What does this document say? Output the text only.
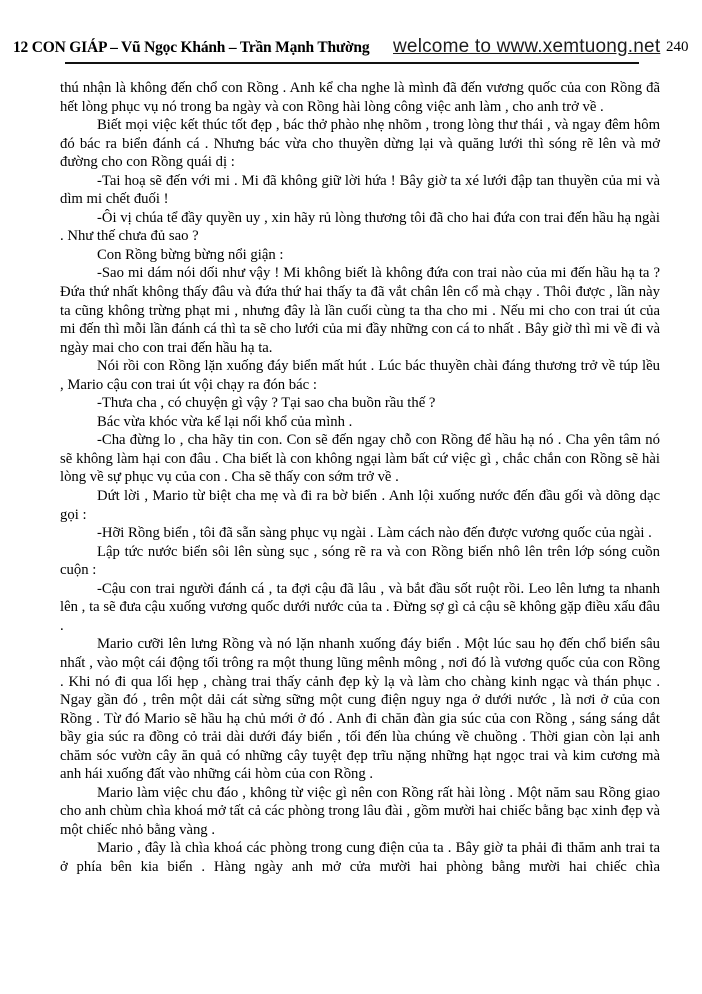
12 CON GIÁP – Vũ Ngọc Khánh – Trần Mạnh Thường welcome to www.xemtuong.net 240

thú nhận là không đến chổ con Rồng . Anh kể cha nghe là mình đã đến vương quốc của con Rồng đã hết lòng phục vụ nó trong ba ngày và con Rồng hài lòng công việc anh làm , cho anh trở về .

Biết mọi việc kết thúc tốt đẹp , bác thở phào nhẹ nhõm , trong lòng thư thái , và ngay đêm hôm đó bác ra biển đánh cá . Nhưng bác vừa cho thuyền dừng lại và quăng lưới thì sóng rẽ lên và mở đường cho con Rồng quái dị :

-Tai hoạ sẽ đến với mi . Mi đã không giữ lời hứa ! Bây giờ ta xé lưới đập tan thuyền của mi và dìm mi chết đuối !

-Ôi vị chúa tể đầy quyền uy , xin hãy rủ lòng thương tôi đã cho hai đứa con trai đến hầu hạ ngài . Như thế chưa đủ sao ?

Con Rồng bừng bừng nổi giận :

-Sao mi dám nói dối như vậy ! Mi không biết là không đứa con trai nào của mi đến hầu hạ ta ? Đứa thứ nhất không thấy đâu và đứa thứ hai thấy ta đã vắt chân lên cổ mà chạy . Thôi được , lần này ta cũng không trừng phạt mi , nhưng đây là lần cuối cùng ta tha cho mi . Nếu mi cho con trai út của mi đến thì mỗi lần đánh cá thì ta sẽ cho lưới của mi đầy những con cá to nhất . Bây giờ thì mi về đi và ngày mai cho con trai đến hầu hạ ta.

Nói rồi con Rồng lặn xuống đáy biển mất hút . Lúc bác thuyền chài đáng thương trở về túp lều , Mario cậu con trai út vội chạy ra đón bác :

-Thưa cha , có chuyện gì vậy ? Tại sao cha buồn rầu thế ?

Bác vừa khóc vừa kể lại nổi khổ của mình .

-Cha đừng lo , cha hãy tin con. Con sẽ đến ngay chỗ con Rồng để hầu hạ nó . Cha yên tâm nó sẽ không làm hại con đâu . Cha biết là con không ngại làm bất cứ việc gì , chắc chắn con Rồng sẽ hài lòng về sự phục vụ của con . Cha sẽ thấy con sớm trở về .

Dứt lời , Mario từ biệt cha mẹ và đi ra bờ biển . Anh lội xuống nước đến đầu gối và dõng dạc gọi :

-Hỡi Rồng biển , tôi đã sẵn sàng phục vụ ngài . Làm cách nào đến được vương quốc của ngài .

Lập tức nước biển sôi lên sùng sục , sóng rẽ ra và con Rồng biển nhô lên trên lớp sóng cuồn cuộn :

-Cậu con trai người đánh cá , ta đợi cậu đã lâu , và bắt đầu sốt ruột rồi. Leo lên lưng ta nhanh lên , ta sẽ đưa cậu xuống vương quốc dưới nước của ta . Đừng sợ gì cả cậu sẽ không gặp điều xấu đâu .

Mario cưỡi lên lưng Rồng và nó lặn nhanh xuống đáy biển . Một lúc sau họ đến chổ biển sâu nhất , vào một cái động tối trông ra một thung lũng mênh mông , nơi đó là vương quốc của con Rồng . Khi nó đi qua lối hẹp , chàng trai thấy cảnh đẹp kỳ lạ và làm cho chàng kinh ngạc và thán phục . Ngay gần đó , trên một dải cát sừng sững một cung điện nguy nga ở dưới nước , là nơi ở của con Rồng . Từ đó Mario sẽ hầu hạ chủ mới ở đó . Anh đi chăn đàn gia súc của con Rồng , sáng sáng dắt bầy gia súc ra đồng cỏ trải dài dưới đáy biển , tối đến lùa chúng về chuồng . Thời gian còn lại anh chăm sóc vườn cây ăn quả có những cây tuyệt đẹp trĩu nặng những hạt ngọc trai và kim cương mà anh hái xuống đất vào những cái hòm của con Rồng .

Mario làm việc chu đáo , không từ việc gì nên con Rồng rất hài lòng . Một năm sau Rồng giao cho anh chùm chìa khoá mở tất cả các phòng trong lâu đài , gồm mười hai chiếc bằng bạc xinh đẹp và một chiếc nhỏ bằng vàng .

Mario , đây là chìa khoá các phòng trong cung điện của ta . Bây giờ ta phải đi thăm anh trai ta ở phía bên kia biển . Hàng ngày anh mở cửa mười hai phòng bằng mười hai chiếc chìa
